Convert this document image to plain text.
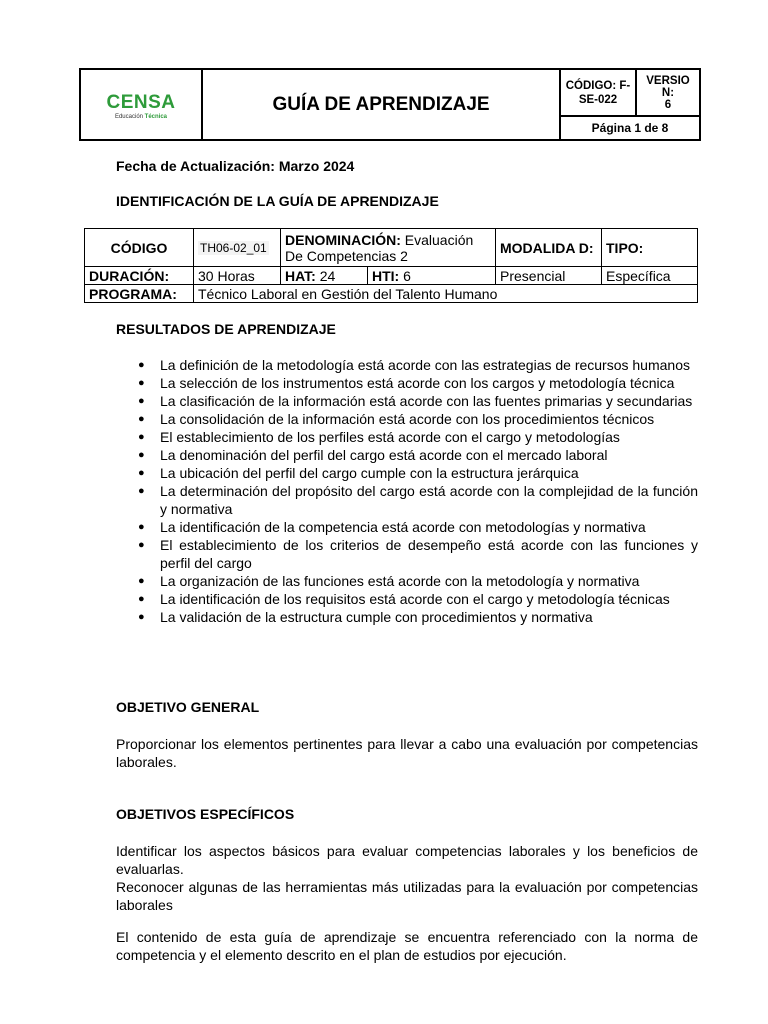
CENSA
Educación Técnica
	GUÍA DE APRENDIZAJE	CÓDIGO: F-
SE-022	VERSIO
N:
6
Página 1 de 8
Fecha de Actualización: Marzo 2024
IDENTIFICACIÓN DE LA GUÍA DE APRENDIZAJE
CÓDIGO	TH06-02_01	DENOMINACIÓN: Evaluación De Competencias 2		MODALIDA D:	TIPO:
DURACIÓN:	30 Horas	HAT: 24	HTI: 6	Presencial	Específica
PROGRAMA:	Técnico Laboral en Gestión del Talento Humano				
RESULTADOS DE APRENDIZAJE
● La definición de la metodología está acorde con las estrategias de recursos humanos
● La selección de los instrumentos está acorde con los cargos y metodología técnica
● La clasificación de la información está acorde con las fuentes primarias y secundarias
● La consolidación de la información está acorde con los procedimientos técnicos
● El establecimiento de los perfiles está acorde con el cargo y metodologías
● La denominación del perfil del cargo está acorde con el mercado laboral
● La ubicación del perfil del cargo cumple con la estructura jerárquica
● La determinación del propósito del cargo está acorde con la complejidad de la función y normativa
● La identificación de la competencia está acorde con metodologías y normativa
● El establecimiento de los criterios de desempeño está acorde con las funciones y perfil del cargo
● La organización de las funciones está acorde con la metodología y normativa
● La identificación de los requisitos está acorde con el cargo y metodología técnicas
● La validación de la estructura cumple con procedimientos y normativa
OBJETIVO GENERAL

Proporcionar los elementos pertinentes para llevar a cabo una evaluación por competencias laborales.

OBJETIVOS ESPECÍFICOS

Identificar los aspectos básicos para evaluar competencias laborales y los beneficios de evaluarlas.

Reconocer algunas de las herramientas más utilizadas para la evaluación por competencias laborales

El contenido de esta guía de aprendizaje se encuentra referenciado con la norma de competencia y el elemento descrito en el plan de estudios por ejecución.
